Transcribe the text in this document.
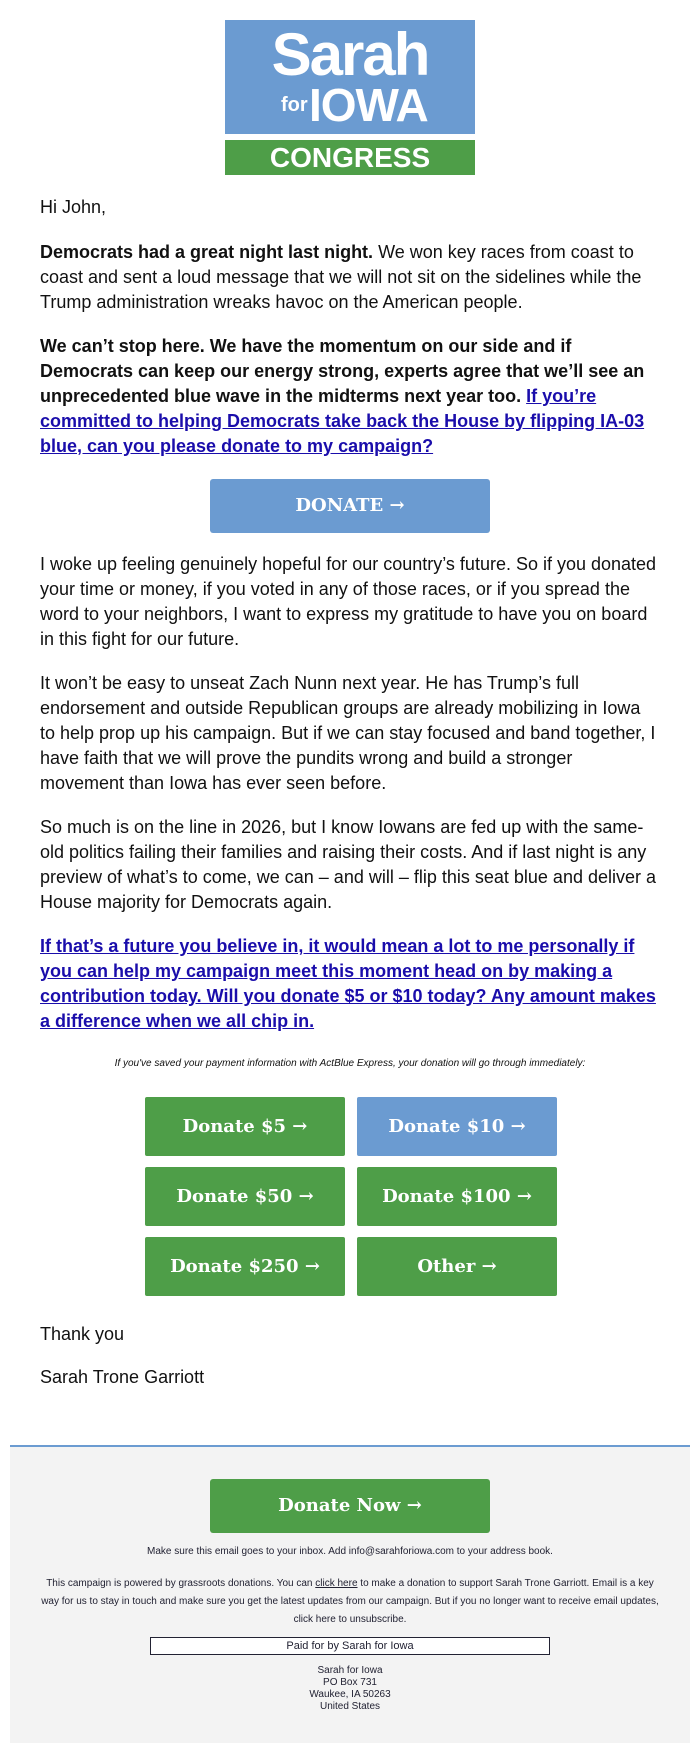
Sarah
for IOWA
CONGRESS

Hi John,

Democrats had a great night last night. We won key races from coast to coast and sent a loud message that we will not sit on the sidelines while the Trump administration wreaks havoc on the American people.

We can’t stop here. We have the momentum on our side and if Democrats can keep our energy strong, experts agree that we’ll see an unprecedented blue wave in the midterms next year too. If you’re committed to helping Democrats take back the House by flipping IA-03 blue, can you please donate to my campaign?

DONATE →

I woke up feeling genuinely hopeful for our country’s future. So if you donated your time or money, if you voted in any of those races, or if you spread the word to your neighbors, I want to express my gratitude to have you on board in this fight for our future.

It won’t be easy to unseat Zach Nunn next year. He has Trump’s full endorsement and outside Republican groups are already mobilizing in Iowa to help prop up his campaign. But if we can stay focused and band together, I have faith that we will prove the pundits wrong and build a stronger movement than Iowa has ever seen before.

So much is on the line in 2026, but I know Iowans are fed up with the same-old politics failing their families and raising their costs. And if last night is any preview of what’s to come, we can – and will – flip this seat blue and deliver a House majority for Democrats again.

If that’s a future you believe in, it would mean a lot to me personally if you can help my campaign meet this moment head on by making a contribution today. Will you donate $5 or $10 today? Any amount makes a difference when we all chip in.

If you've saved your payment information with ActBlue Express, your donation will go through immediately:
Donate $5 →	Donate $10 →
Donate $50 →	Donate $100 →
Donate $250 →	Other →

Thank you

Sarah Trone Garriott

Donate Now →
Make sure this email goes to your inbox. Add info@sarahforiowa.com to your address book.
This campaign is powered by grassroots donations. You can click here to make a donation to support Sarah Trone Garriott. Email is a key way for us to stay in touch and make sure you get the latest updates from our campaign. But if you no longer want to receive email updates, click here to unsubscribe.
Paid for by Sarah for Iowa
Sarah for Iowa
PO Box 731
Waukee, IA 50263
United States
